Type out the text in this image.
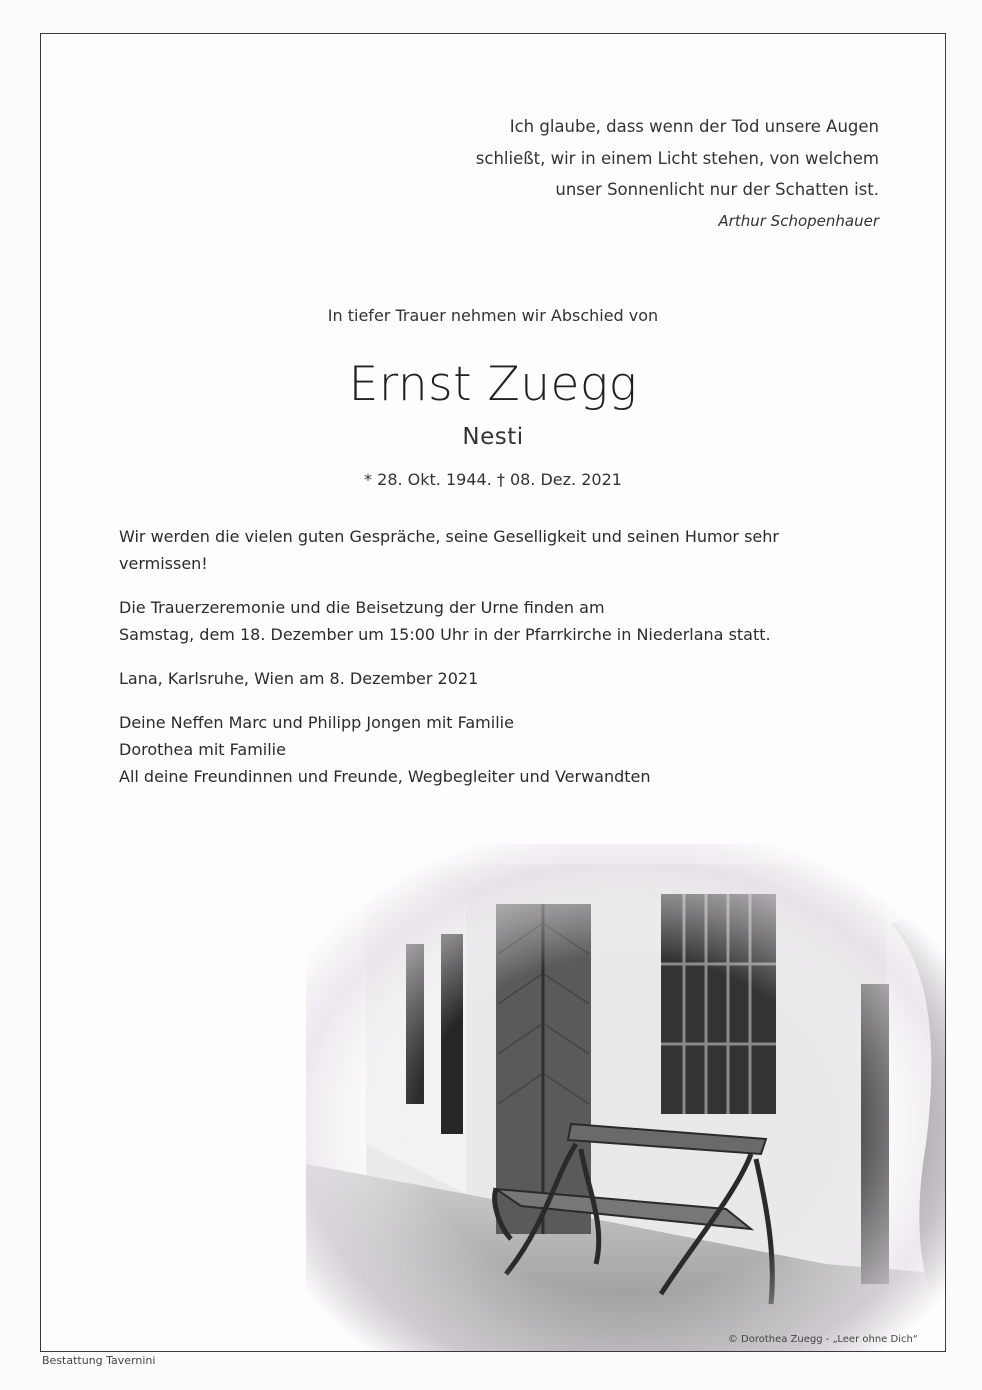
Ich glaube, dass wenn der Tod unsere Augen
schließt, wir in einem Licht stehen, von welchem
unser Sonnenlicht nur der Schatten ist.
Arthur Schopenhauer
In tiefer Trauer nehmen wir Abschied von
Ernst Zuegg
Nesti
* 28. Okt. 1944. † 08. Dez. 2021

Wir werden die vielen guten Gespräche, seine Geselligkeit und seinen Humor sehr
vermissen!

Die Trauerzeremonie und die Beisetzung der Urne finden am
Samstag, dem 18. Dezember um 15:00 Uhr in der Pfarrkirche in Niederlana statt.

Lana, Karlsruhe, Wien am 8. Dezember 2021

Deine Neffen Marc und Philipp Jongen mit Familie
Dorothea mit Familie
All deine Freundinnen und Freunde, Wegbegleiter und Verwandten
© Dorothea Zuegg - „Leer ohne Dich“
Bestattung Tavernini
